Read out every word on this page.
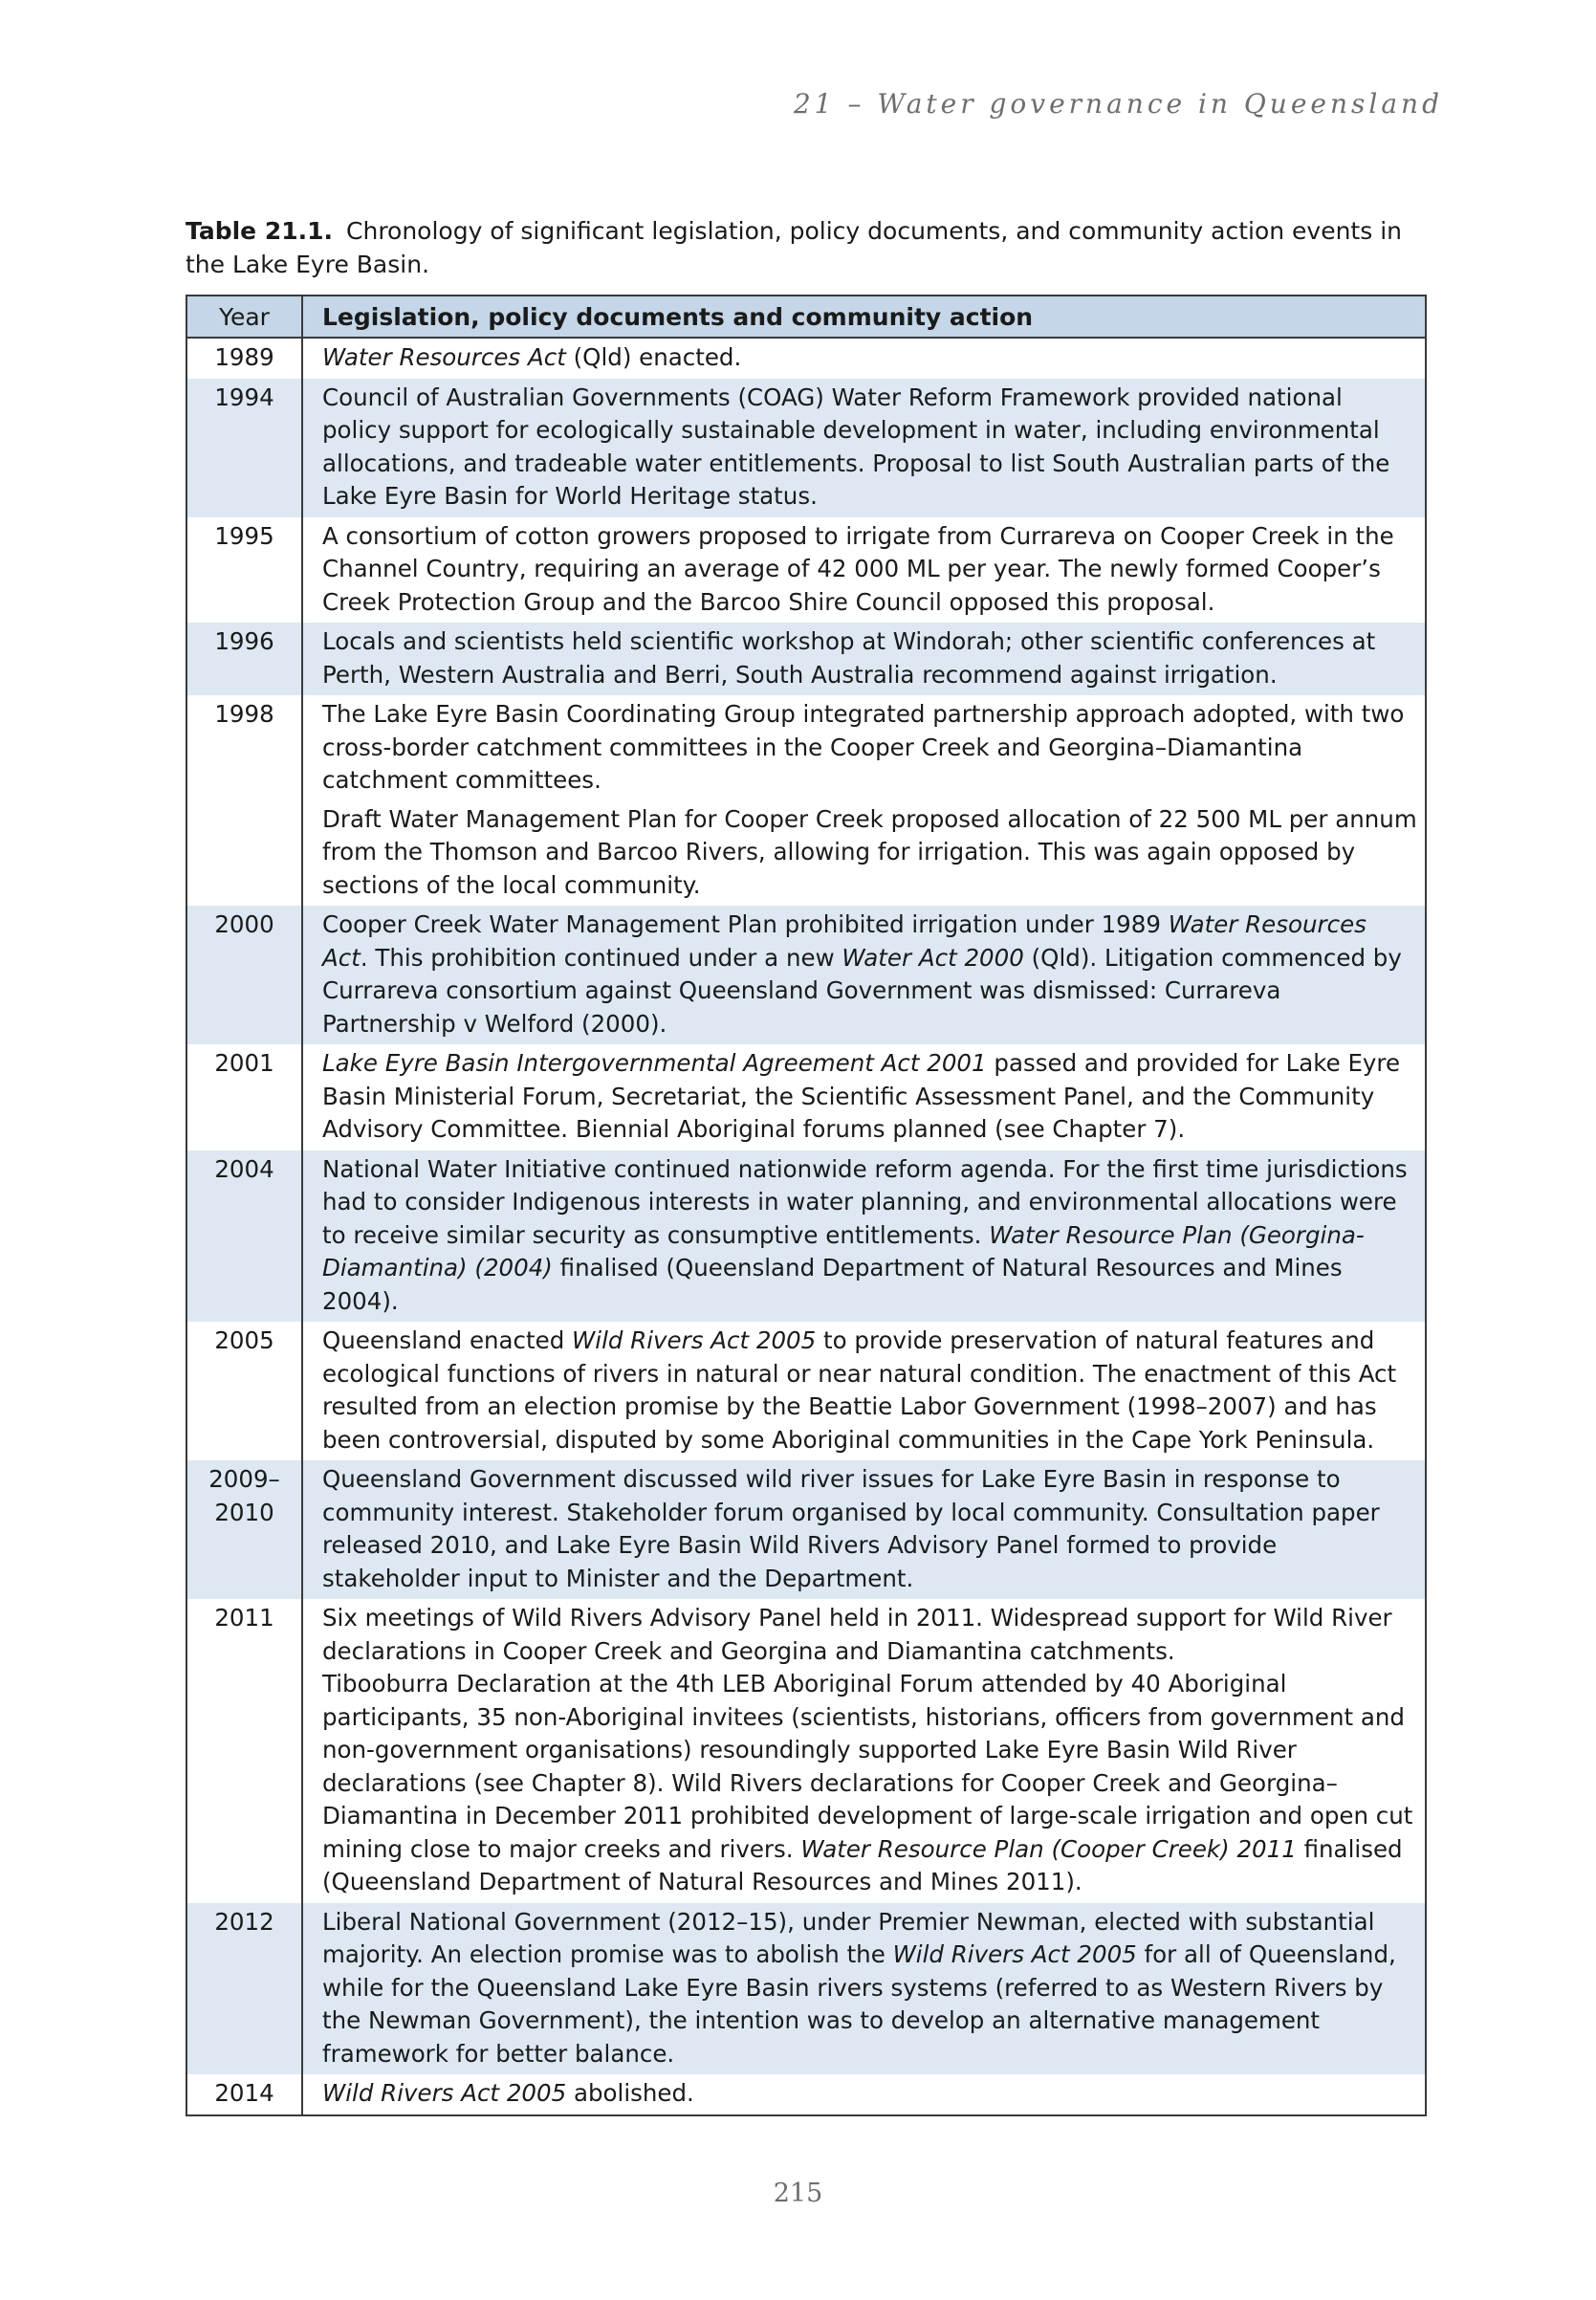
21 – Water governance in Queensland
Table 21.1. Chronology of significant legislation, policy documents, and community action events in the Lake Eyre Basin.
Year	Legislation, policy documents and community action
1989	Water Resources Act (Qld) enacted.

1994	Council of Australian Governments (COAG) Water Reform Framework provided national policy support for ecologically sustainable development in water, including environmental allocations, and tradeable water entitlements. Proposal to list South Australian parts of the Lake Eyre Basin for World Heritage status.

1995	A consortium of cotton growers proposed to irrigate from Currareva on Cooper Creek in the Channel Country, requiring an average of 42 000 ML per year. The newly formed Cooper’s Creek Protection Group and the Barcoo Shire Council opposed this proposal.

1996	Locals and scientists held scientific workshop at Windorah; other scientific conferences at Perth, Western Australia and Berri, South Australia recommend against irrigation.

1998	The Lake Eyre Basin Coordinating Group integrated partnership approach adopted, with two cross-border catchment committees in the Cooper Creek and Georgina–Diamantina catchment committees.

Draft Water Management Plan for Cooper Creek proposed allocation of 22 500 ML per annum from the Thomson and Barcoo Rivers, allowing for irrigation. This was again opposed by sections of the local community.

2000	Cooper Creek Water Management Plan prohibited irrigation under 1989 Water Resources Act. This prohibition continued under a new Water Act 2000 (Qld). Litigation commenced by Currareva consortium against Queensland Government was dismissed: Currareva Partnership v Welford (2000).

2001	Lake Eyre Basin Intergovernmental Agreement Act 2001 passed and provided for Lake Eyre Basin Ministerial Forum, Secretariat, the Scientific Assessment Panel, and the Community Advisory Committee. Biennial Aboriginal forums planned (see Chapter 7).

2004	National Water Initiative continued nationwide reform agenda. For the first time jurisdictions had to consider Indigenous interests in water planning, and environmental allocations were to receive similar security as consumptive entitlements. Water Resource Plan (Georgina-Diamantina) (2004) finalised (Queensland Department of Natural Resources and Mines 2004).

2005	Queensland enacted Wild Rivers Act 2005 to provide preservation of natural features and ecological functions of rivers in natural or near natural condition. The enactment of this Act resulted from an election promise by the Beattie Labor Government (1998–2007) and has been controversial, disputed by some Aboriginal communities in the Cape York Peninsula.

2009–
2010	Queensland Government discussed wild river issues for Lake Eyre Basin in response to community interest. Stakeholder forum organised by local community. Consultation paper released 2010, and Lake Eyre Basin Wild Rivers Advisory Panel formed to provide stakeholder input to Minister and the Department.

2011	Six meetings of Wild Rivers Advisory Panel held in 2011. Widespread support for Wild River declarations in Cooper Creek and Georgina and Diamantina catchments.
Tibooburra Declaration at the 4th LEB Aboriginal Forum attended by 40 Aboriginal participants, 35 non-Aboriginal invitees (scientists, historians, officers from government and non-government organisations) resoundingly supported Lake Eyre Basin Wild River declarations (see Chapter 8). Wild Rivers declarations for Cooper Creek and Georgina–Diamantina in December 2011 prohibited development of large-scale irrigation and open cut mining close to major creeks and rivers. Water Resource Plan (Cooper Creek) 2011 finalised (Queensland Department of Natural Resources and Mines 2011).

2012	Liberal National Government (2012–15), under Premier Newman, elected with substantial majority. An election promise was to abolish the Wild Rivers Act 2005 for all of Queensland, while for the Queensland Lake Eyre Basin rivers systems (referred to as Western Rivers by the Newman Government), the intention was to develop an alternative management framework for better balance.

2014	Wild Rivers Act 2005 abolished.

215
